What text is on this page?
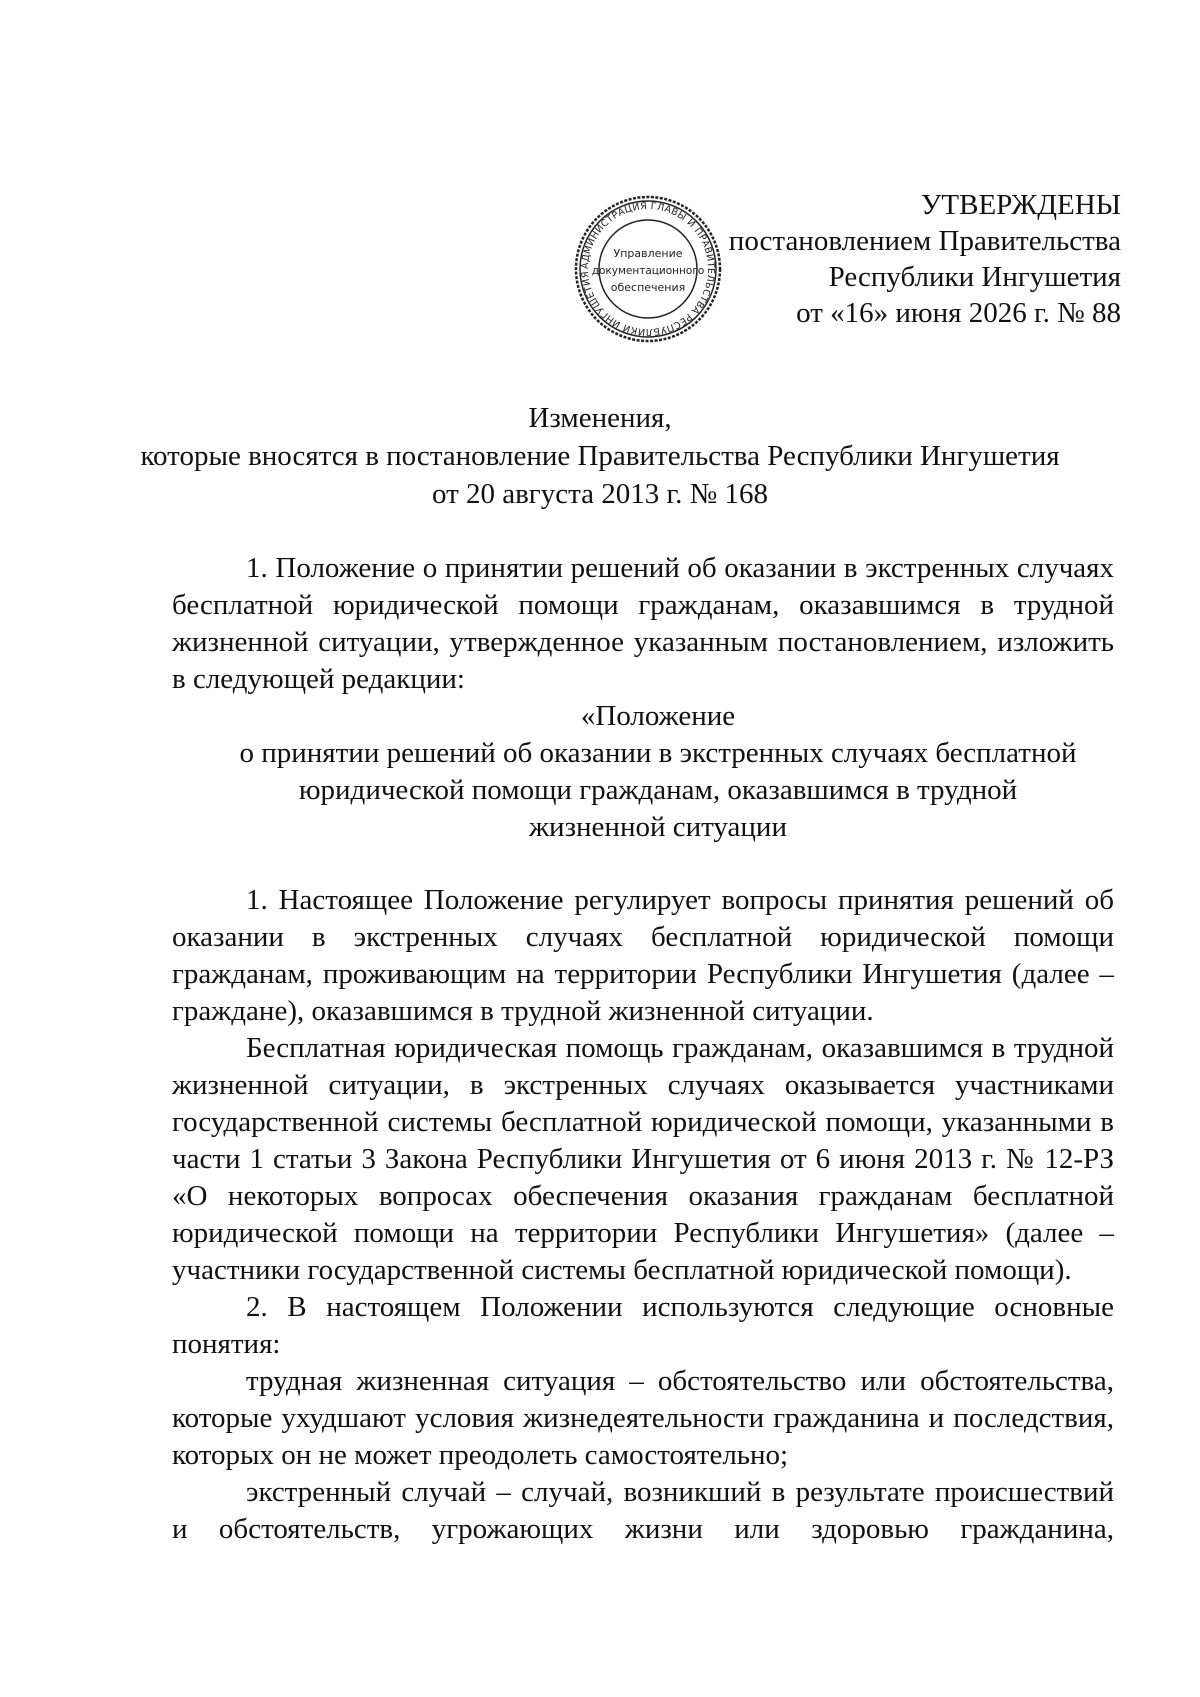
УТВЕРЖДЕНЫ
постановлением Правительства
Республики Ингушетия
от «16» июня 2026 г. № 88
АДМИНИСТРАЦИЯ ГЛАВЫ И ПРАВИТЕЛЬСТВА РЕСПУБЛИКИ ИНГУШЕТИЯ
Управление
документационного
обеспечения
Изменения,
которые вносятся в постановление Правительства Республики Ингушетия
от 20 августа 2013 г. № 168

1. Положение о принятии решений об оказании в экстренных случаях бесплатной юридической помощи гражданам, оказавшимся в трудной жизненной ситуации, утвержденное указанным постановлением, изложить в следующей редакции:

«Положение
о принятии решений об оказании в экстренных случаях бесплатной
юридической помощи гражданам, оказавшимся в трудной
жизненной ситуации

1. Настоящее Положение регулирует вопросы принятия решений об оказании в экстренных случаях бесплатной юридической помощи гражданам, проживающим на территории Республики Ингушетия (далее – граждане), оказавшимся в трудной жизненной ситуации.

Бесплатная юридическая помощь гражданам, оказавшимся в трудной жизненной ситуации, в экстренных случаях оказывается участниками государственной системы бесплатной юридической помощи, указанными в части 1 статьи 3 Закона Республики Ингушетия от 6 июня 2013 г. № 12-РЗ «О некоторых вопросах обеспечения оказания гражданам бесплатной юридической помощи на территории Республики Ингушетия» (далее – участники государственной системы бесплатной юридической помощи).

2. В настоящем Положении используются следующие основные понятия:

трудная жизненная ситуация – обстоятельство или обстоятельства, которые ухудшают условия жизнедеятельности гражданина и последствия, которых он не может преодолеть самостоятельно;

экстренный случай – случай, возникший в результате происшествий и обстоятельств, угрожающих жизни или здоровью гражданина,
